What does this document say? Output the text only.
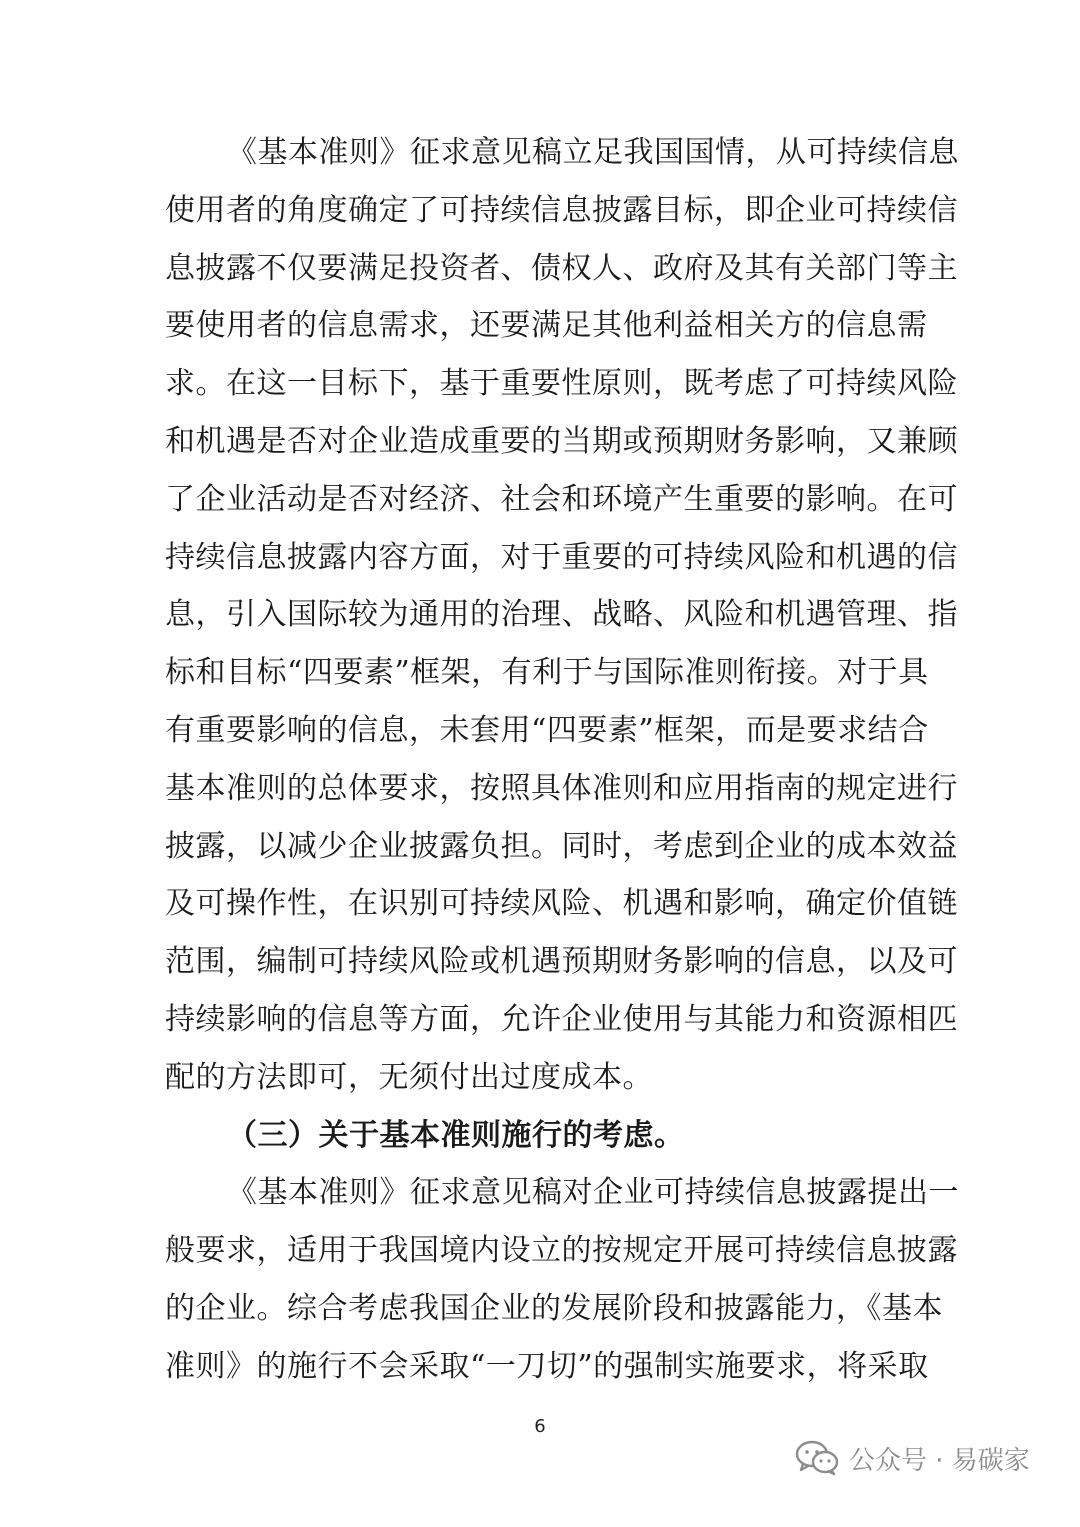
《基本准则》征求意见稿立足我国国情，从可持续信息
使用者的角度确定了可持续信息披露目标，即企业可持续信
息披露不仅要满足投资者、债权人、政府及其有关部门等主
要使用者的信息需求，还要满足其他利益相关方的信息需
求。在这一目标下，基于重要性原则，既考虑了可持续风险
和机遇是否对企业造成重要的当期或预期财务影响，又兼顾
了企业活动是否对经济、社会和环境产生重要的影响。在可
持续信息披露内容方面，对于重要的可持续风险和机遇的信
息，引入国际较为通用的治理、战略、风险和机遇管理、指
标和目标“四要素”框架，有利于与国际准则衔接。对于具
有重要影响的信息，未套用“四要素”框架，而是要求结合
基本准则的总体要求，按照具体准则和应用指南的规定进行
披露，以减少企业披露负担。同时，考虑到企业的成本效益
及可操作性，在识别可持续风险、机遇和影响，确定价值链
范围，编制可持续风险或机遇预期财务影响的信息，以及可
持续影响的信息等方面，允许企业使用与其能力和资源相匹
配的方法即可，无须付出过度成本。
（三）关于基本准则施行的考虑。
《基本准则》征求意见稿对企业可持续信息披露提出一
般要求，适用于我国境内设立的按规定开展可持续信息披露
的企业。综合考虑我国企业的发展阶段和披露能力，《基本
准则》的施行不会采取“一刀切”的强制实施要求，将采取
6
公众号 · 易碳家
